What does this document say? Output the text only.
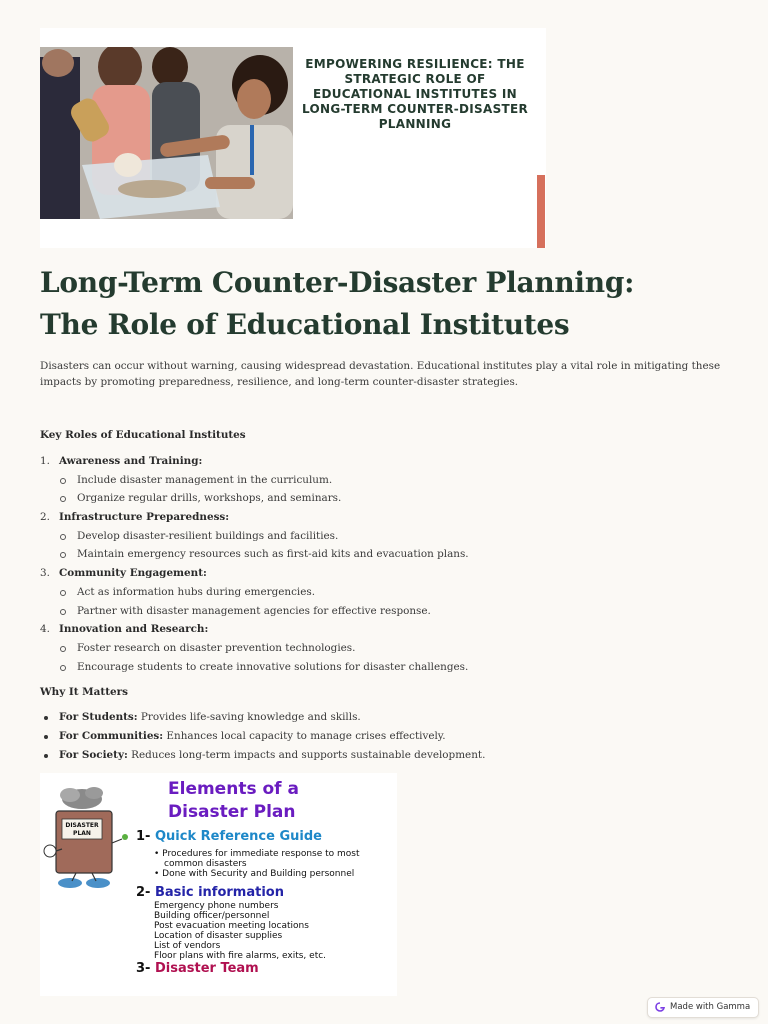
EMPOWERING RESILIENCE: THE STRATEGIC ROLE OF EDUCATIONAL INSTITUTES IN LONG-TERM COUNTER-DISASTER PLANNING
Long-Term Counter-Disaster Planning:
The Role of Educational Institutes

Disasters can occur without warning, causing widespread devastation. Educational institutes play a vital role in mitigating these impacts by promoting preparedness, resilience, and long-term counter-disaster strategies.

Key Roles of Educational Institutes
1. Awareness and Training:
Include disaster management in the curriculum.
Organize regular drills, workshops, and seminars.
2. Infrastructure Preparedness:
Develop disaster-resilient buildings and facilities.
Maintain emergency resources such as first-aid kits and evacuation plans.
3. Community Engagement:
Act as information hubs during emergencies.
Partner with disaster management agencies for effective response.
4. Innovation and Research:
Foster research on disaster prevention technologies.
Encourage students to create innovative solutions for disaster challenges.
Why It Matters
For Students: Provides life-saving knowledge and skills.
For Communities: Enhances local capacity to manage crises effectively.
For Society: Reduces long-term impacts and supports sustainable development.
DISASTER
PLAN
Elements of a
Disaster Plan
1- Quick Reference Guide
• Procedures for immediate response to most
common disasters
• Done with Security and Building personnel
2- Basic information
Emergency phone numbers
Building officer/personnel
Post evacuation meeting locations
Location of disaster supplies
List of vendors
Floor plans with fire alarms, exits, etc.
3- Disaster Team
Made with Gamma
